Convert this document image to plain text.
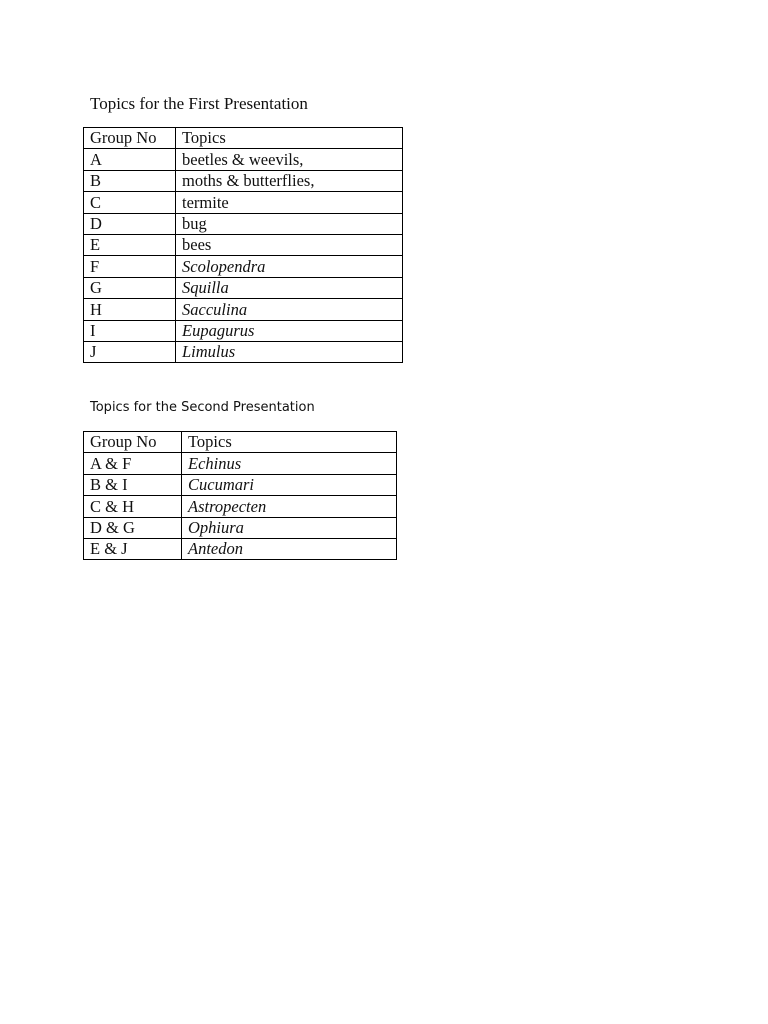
Topics for the First Presentation
Group No	Topics
A	beetles & weevils,
B	moths & butterflies,
C	termite
D	bug
E	bees
F	Scolopendra
G	Squilla
H	Sacculina
I	Eupagurus
J	Limulus
Topics for the Second Presentation
Group No	Topics
A & F	Echinus
B & I	Cucumari
C & H	Astropecten
D & G	Ophiura
E & J	Antedon
